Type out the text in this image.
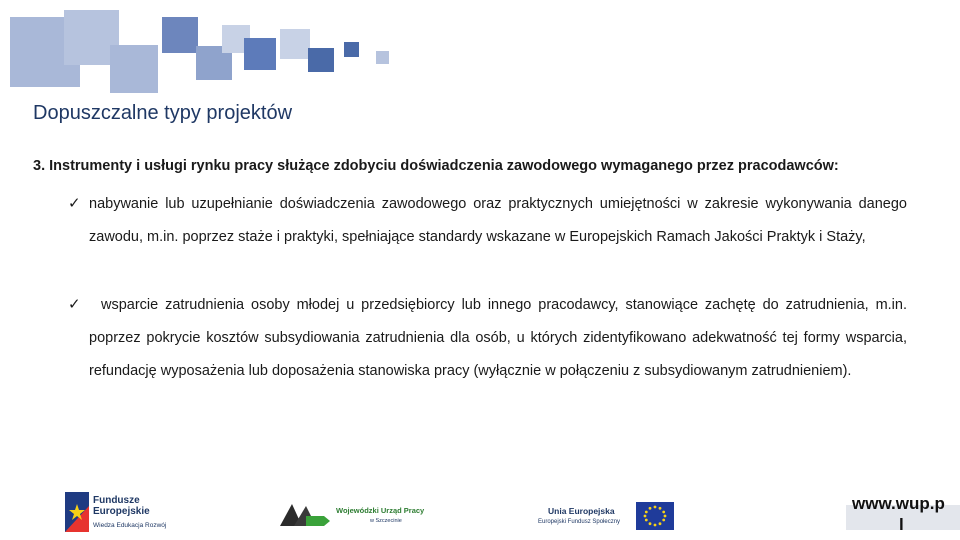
Dopuszczalne typy projektów
3. Instrumenty i usługi rynku pracy służące zdobyciu doświadczenia zawodowego wymaganego przez pracodawców:
✓ nabywanie lub uzupełnianie doświadczenia zawodowego oraz praktycznych umiejętności w zakresie wykonywania danego zawodu, m.in. poprzez staże i praktyki, spełniające standardy wskazane w Europejskich Ramach Jakości Praktyk i Staży,
✓	wsparcie zatrudnienia osoby młodej u przedsiębiorcy lub innego pracodawcy, stanowiące zachętę do zatrudnienia, m.in. poprzez pokrycie kosztów subsydiowania zatrudnienia dla osób, u których zidentyfikowano adekwatność tej formy wsparcia, refundację wyposażenia lub doposażenia stanowiska pracy (wyłącznie w połączeniu z subsydiowanym zatrudnieniem).
Fundusze
Europejskie
Wiedza Edukacja Rozwój
Wojewódzki Urząd Pracy
w Szczecinie
Unia Europejska
Europejski Fundusz Społeczny
www.wup.p
l
